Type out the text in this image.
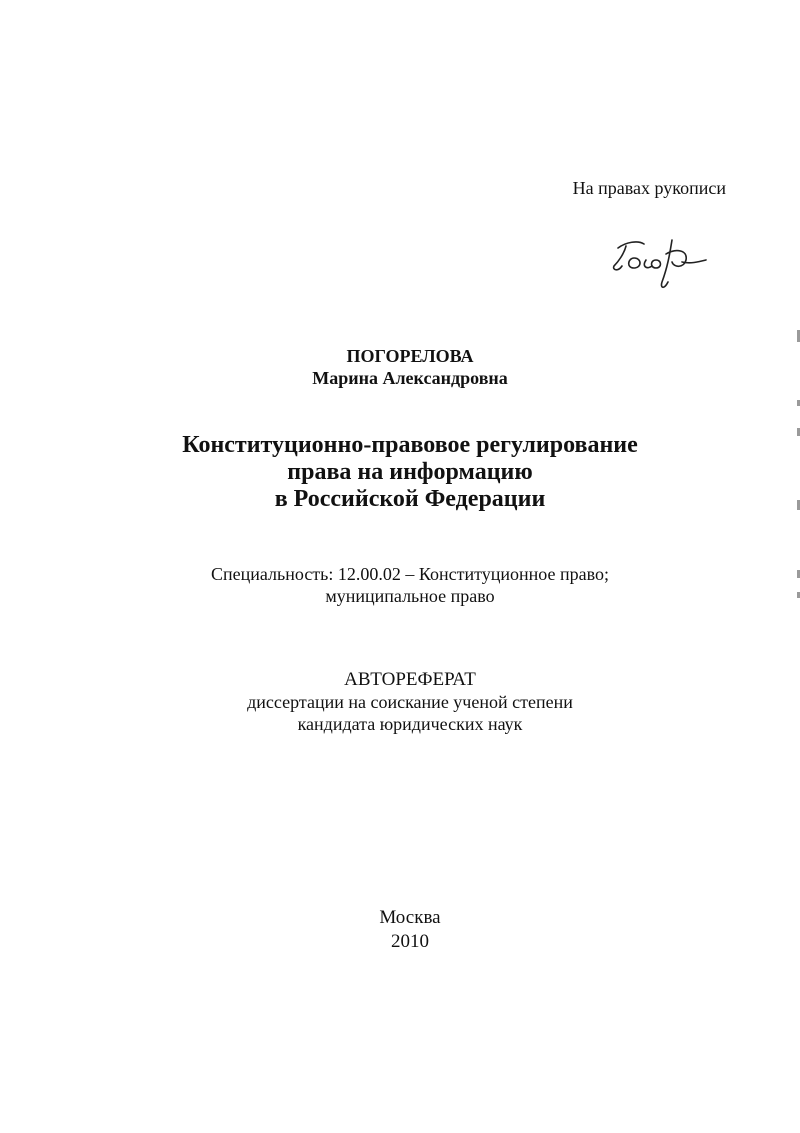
На правах рукописи
ПОГОРЕЛОВА
Марина Александровна
Конституционно-правовое регулирование
права на информацию
в Российской Федерации
Специальность: 12.00.02 – Конституционное право;
муниципальное право
АВТОРЕФЕРАТ
диссертации на соискание ученой степени
кандидата юридических наук
Москва
2010
